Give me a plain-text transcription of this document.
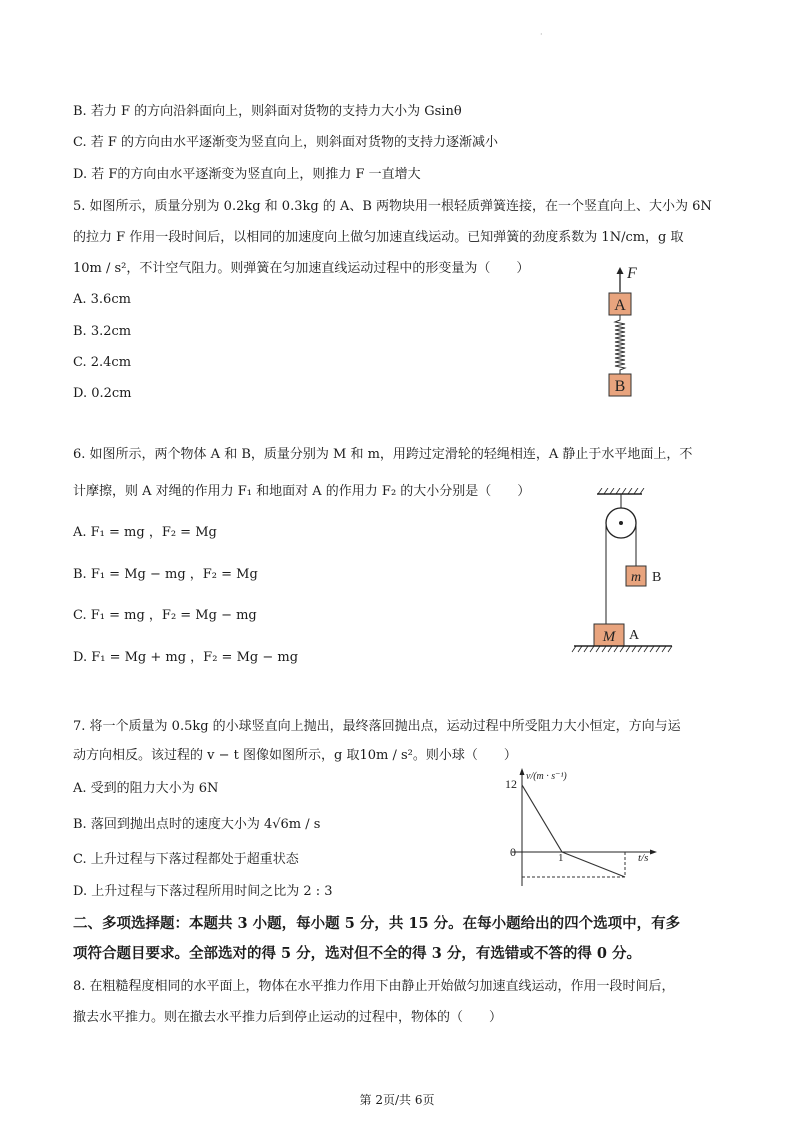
·
B. 若力 F 的方向沿斜面向上，则斜面对货物的支持力大小为 Gsinθ
C. 若 F 的方向由水平逐渐变为竖直向上，则斜面对货物的支持力逐渐减小
D. 若 F的方向由水平逐渐变为竖直向上，则推力 F 一直增大
5. 如图所示，质量分别为 0.2kg 和 0.3kg 的 A、B 两物块用一根轻质弹簧连接，在一个竖直向上、大小为 6N
的拉力 F 作用一段时间后，以相同的加速度向上做匀加速直线运动。已知弹簧的劲度系数为 1N/cm，g 取
10m / s²，不计空气阻力。则弹簧在匀加速直线运动过程中的形变量为（　　）
A. 3.6cm
B. 3.2cm
C. 2.4cm
D. 0.2cm
F
A
B
6. 如图所示，两个物体 A 和 B，质量分别为 M 和 m，用跨过定滑轮的轻绳相连，A 静止于水平地面上，不
计摩擦，则 A 对绳的作用力 F₁ 和地面对 A 的作用力 F₂ 的大小分别是（　　）
A. F₁ = mg ，F₂ = Mg
B. F₁ = Mg − mg ，F₂ = Mg
C. F₁ = mg ，F₂ = Mg − mg
D. F₁ = Mg + mg ，F₂ = Mg − mg
m B
M A
7. 将一个质量为 0.5kg 的小球竖直向上抛出，最终落回抛出点，运动过程中所受阻力大小恒定，方向与运
动方向相反。该过程的 v − t 图像如图所示，g 取10m / s²。则小球（　　）
A. 受到的阻力大小为 6N
B. 落回到抛出点时的速度大小为 4√6m / s
C. 上升过程与下落过程都处于超重状态
D. 上升过程与下落过程所用时间之比为 2 : 3
v/(m · s⁻¹)
12
0	1	t/s
二、多项选择题：本题共 3 小题，每小题 5 分，共 15 分。在每小题给出的四个选项中，有多
项符合题目要求。全部选对的得 5 分，选对但不全的得 3 分，有选错或不答的得 0 分。
8. 在粗糙程度相同的水平面上，物体在水平推力作用下由静止开始做匀加速直线运动，作用一段时间后，
撤去水平推力。则在撤去水平推力后到停止运动的过程中，物体的（　　）
第 2页/共 6页
